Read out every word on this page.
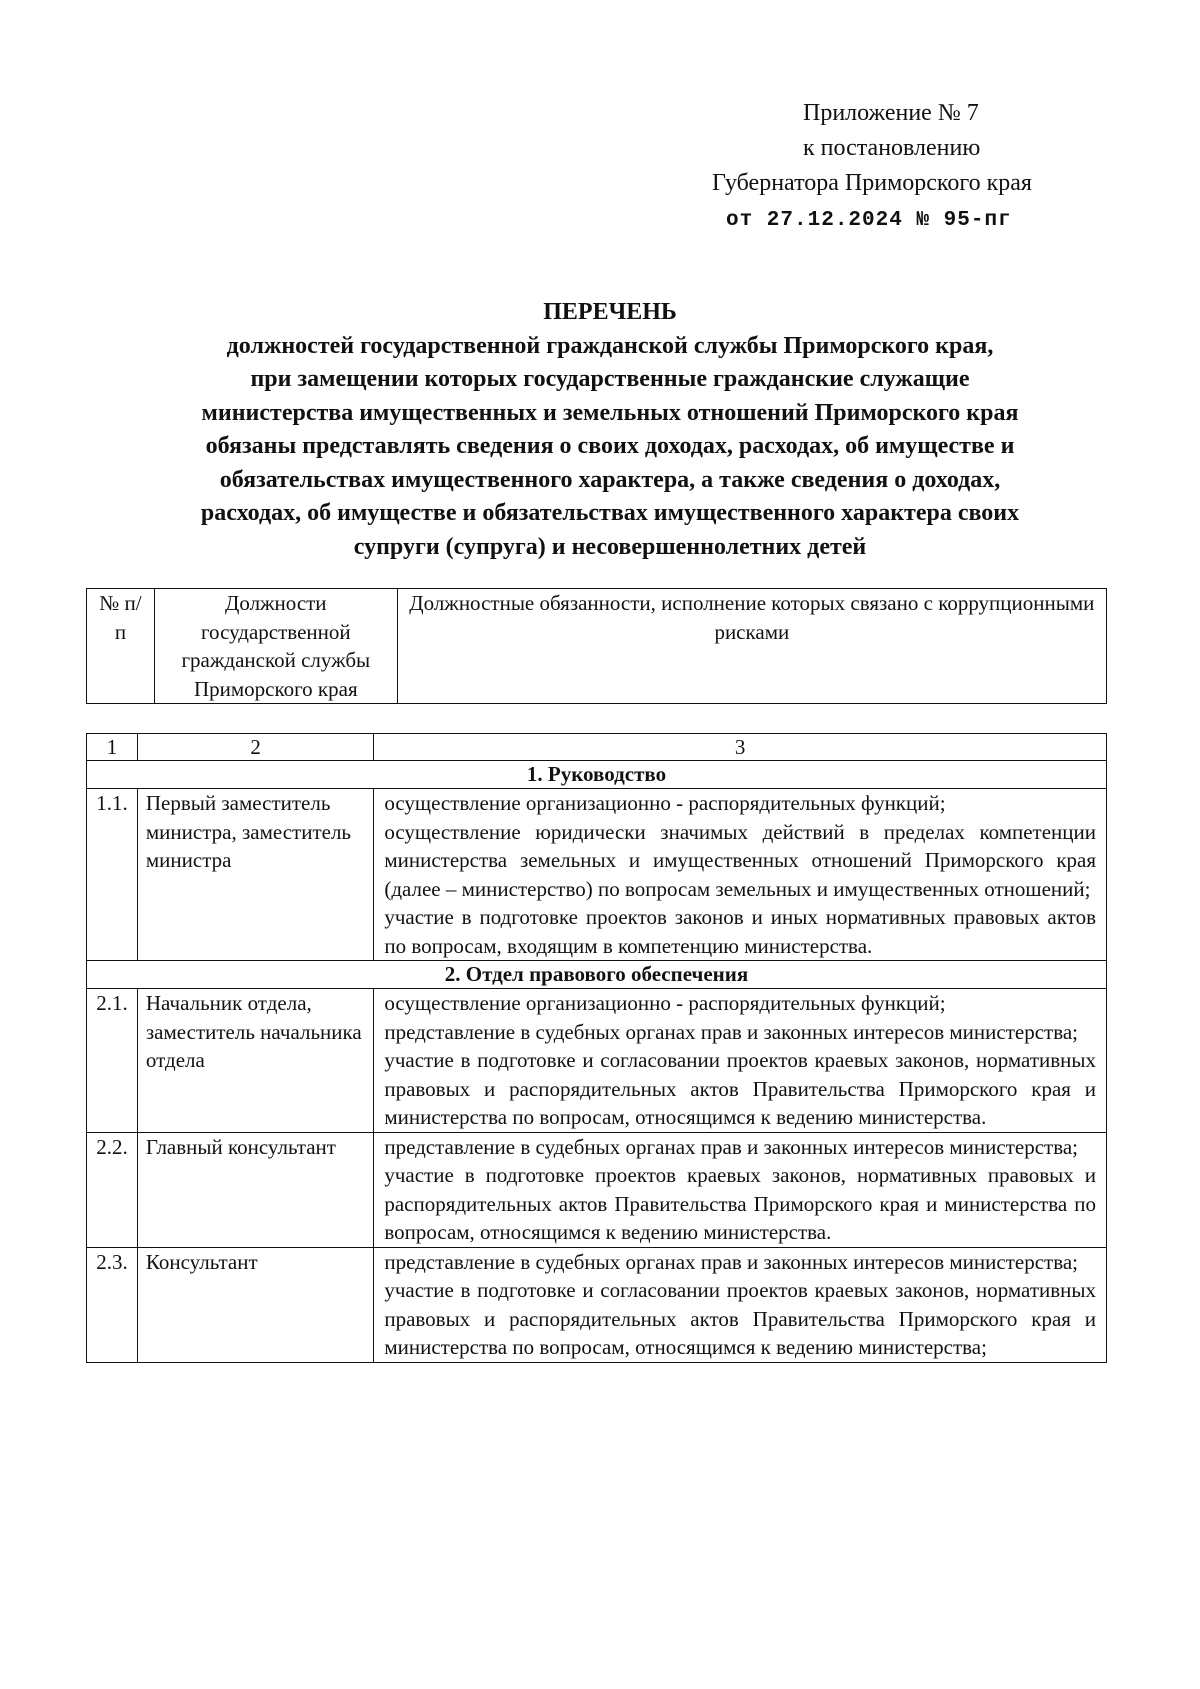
Приложение № 7
к постановлению
Губернатора Приморского края
от 27.12.2024 № 95-пг
ПЕРЕЧЕНЬ
должностей государственной гражданской службы Приморского края,
при замещении которых государственные гражданские служащие
министерства имущественных и земельных отношений Приморского края
обязаны представлять сведения о своих доходах, расходах, об имуществе и
обязательствах имущественного характера, а также сведения о доходах,
расходах, об имуществе и обязательствах имущественного характера своих
супруги (супруга) и несовершеннолетних детей
№ п/п	Должности государственной гражданской службы Приморского края	Должностные обязанности, исполнение которых связано с коррупционными рисками
1	2	3
1. Руководство		
1.1.	Первый заместитель министра, заместитель министра	осуществление организационно - распорядительных функций;

осуществление юридически значимых действий в пределах компетенции министерства земельных и имущественных отношений Приморского края (далее – министерство) по вопросам земельных и имущественных отношений;

участие в подготовке проектов законов и иных нормативных правовых актов по вопросам, входящим в компетенцию министерства.

2. Отдел правового обеспечения		
2.1.	Начальник отдела, заместитель начальника отдела	осуществление организационно - распорядительных функций;

представление в судебных органах прав и законных интересов министерства;

участие в подготовке и согласовании проектов краевых законов, нормативных правовых и распорядительных актов Правительства Приморского края и министерства по вопросам, относящимся к ведению министерства.

2.2.	Главный консультант	представление в судебных органах прав и законных интересов министерства;

участие в подготовке проектов краевых законов, нормативных правовых и распорядительных актов Правительства Приморского края и министерства по вопросам, относящимся к ведению министерства.

2.3.	Консультант	представление в судебных органах прав и законных интересов министерства;

участие в подготовке и согласовании проектов краевых законов, нормативных правовых и распорядительных актов Правительства Приморского края и министерства по вопросам, относящимся к ведению министерства;
